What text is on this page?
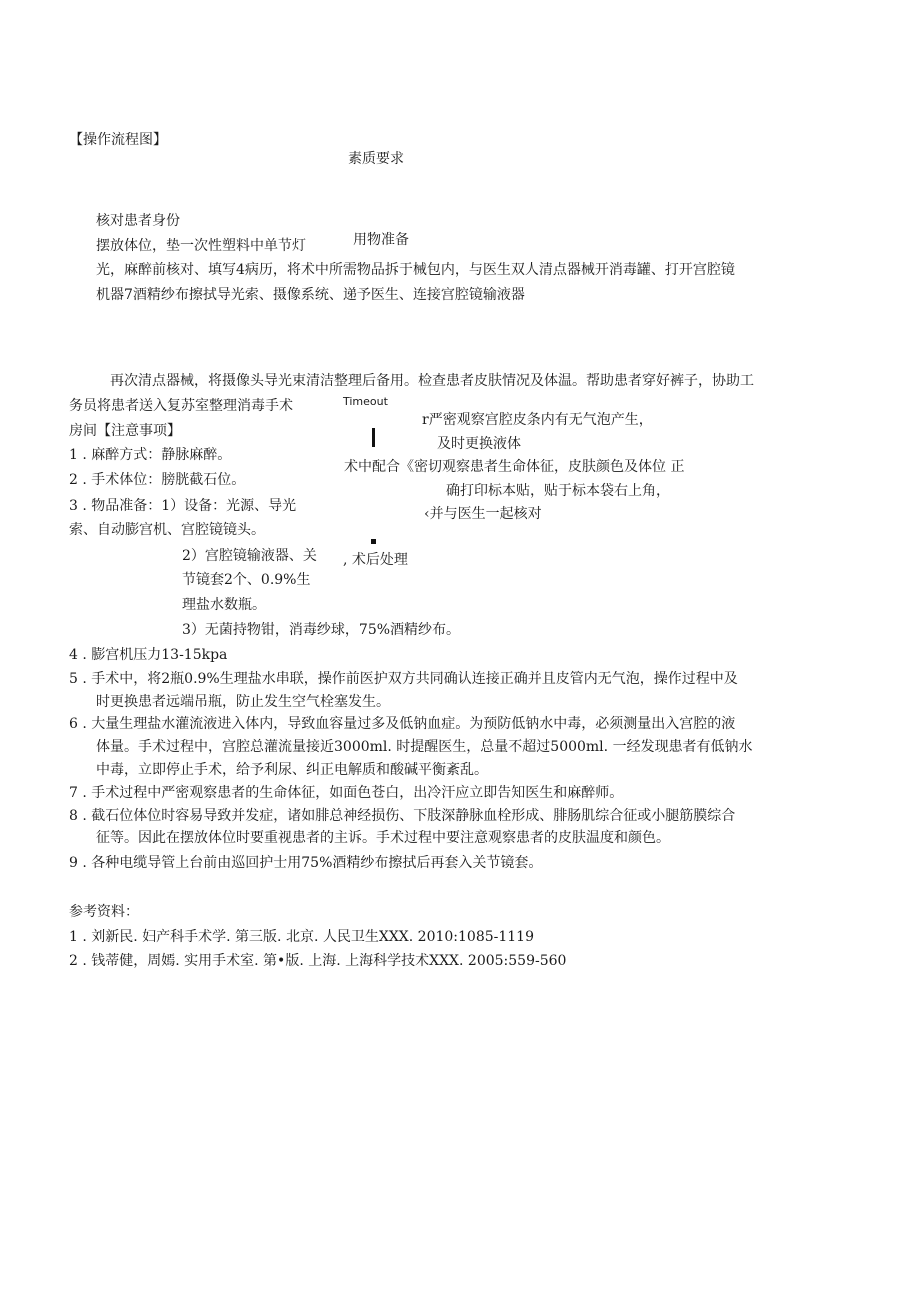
【操作流程图】
素质要求
核对患者身份
摆放体位，垫一次性塑料中单节灯	用物准备
光，麻醉前核对、填写4病历，将术中所需物品拆于械包内，与医生双人清点器械开消毒罐、打开宫腔镜
机器7酒精纱布擦拭导光索、摄像系统、递予医生、连接宫腔镜输液器
再次清点器械，将摄像头导光束清洁整理后备用。检查患者皮肤情况及体温。帮助患者穿好裤子，协助工
务员将患者送入复苏室整理消毒手术	Timeout
r严密观察宫腔皮条内有无气泡产生，
及时更换液体
术中配合《密切观察患者生命体征，皮肤颜色及体位 正
确打印标本贴，贴于标本袋右上角，
‹并与医生一起核对
, 术后处理
房间【注意事项】
1 . 麻醉方式：静脉麻醉。
2 . 手术体位：膀胱截石位。
3 . 物品准备：1）设备：光源、导光
索、自动膨宫机、宫腔镜镜头。
2）宫腔镜输液器、关
节镜套2个、0.9%生
理盐水数瓶。
3）无菌持物钳，消毒纱球，75%酒精纱布。
4 . 膨宫机压力13-15kpa
5 . 手术中，将2瓶0.9%生理盐水串联，操作前医护双方共同确认连接正确并且皮管内无气泡，操作过程中及
时更换患者远端吊瓶，防止发生空气栓塞发生。
6 . 大量生理盐水灌流液进入体内，导致血容量过多及低钠血症。为预防低钠水中毒，必须测量出入宫腔的液
体量。手术过程中，宫腔总灌流量接近3000ml. 时提醒医生，总量不超过5000ml. 一经发现患者有低钠水
中毒，立即停止手术，给予利尿、纠正电解质和酸碱平衡紊乱。
7 . 手术过程中严密观察患者的生命体征，如面色苍白，出冷汗应立即告知医生和麻醉师。
8 . 截石位体位时容易导致并发症，诸如腓总神经损伤、下肢深静脉血栓形成、腓肠肌综合征或小腿筋膜综合
征等。因此在摆放体位时要重视患者的主诉。手术过程中要注意观察患者的皮肤温度和颜色。
9 . 各种电缆导管上台前由巡回护士用75%酒精纱布擦拭后再套入关节镜套。
参考资料：
1 . 刘新民. 妇产科手术学. 第三版. 北京. 人民卫生XXX. 2010:1085-1119
2 . 钱蒂健，周嫣. 实用手术室. 第•版. 上海. 上海科学技术XXX. 2005:559-560
